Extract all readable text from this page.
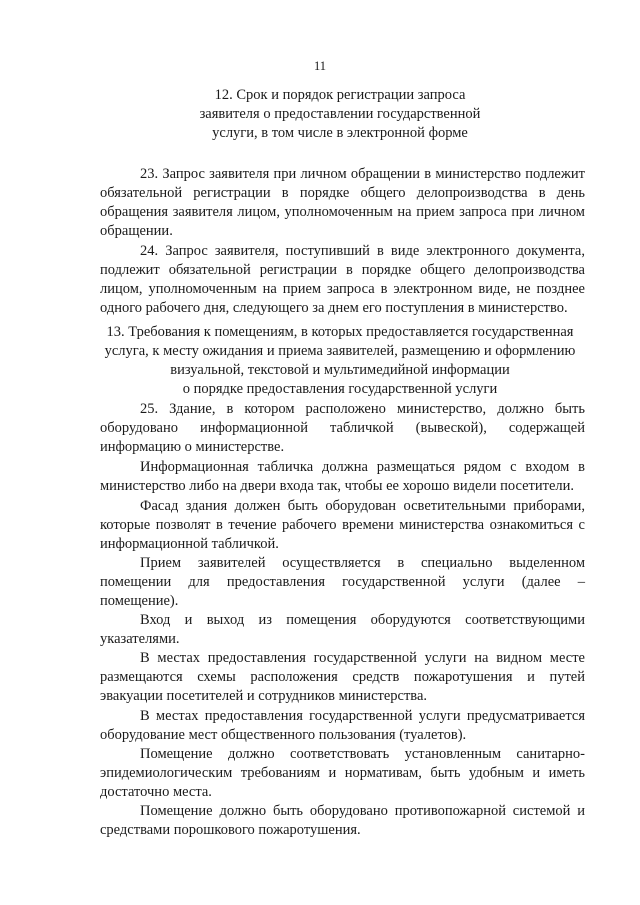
11
12. Срок и порядок регистрации запроса
заявителя о предоставлении государственной
услуги, в том числе в электронной форме

23. Запрос заявителя при личном обращении в министерство подлежит
обязательной регистрации в порядке общего делопроизводства в день
обращения заявителя лицом, уполномоченным на прием запроса при личном
обращении.

24. Запрос заявителя, поступивший в виде электронного документа,
подлежит обязательной регистрации в порядке общего делопроизводства
лицом, уполномоченным на прием запроса в электронном виде, не позднее
одного рабочего дня, следующего за днем его поступления в министерство.

13. Требования к помещениям, в которых предоставляется государственная
услуга, к месту ожидания и приема заявителей, размещению и оформлению
визуальной, текстовой и мультимедийной информации
о порядке предоставления государственной услуги

25. Здание, в котором расположено министерство, должно быть
оборудовано информационной табличкой (вывеской), содержащей
информацию о министерстве.

Информационная табличка должна размещаться рядом с входом в
министерство либо на двери входа так, чтобы ее хорошо видели посетители.

Фасад здания должен быть оборудован осветительными приборами,
которые позволят в течение рабочего времени министерства ознакомиться с
информационной табличкой.

Прием заявителей осуществляется в специально выделенном
помещении для предоставления государственной услуги (далее –
помещение).

Вход и выход из помещения оборудуются соответствующими
указателями.

В местах предоставления государственной услуги на видном месте
размещаются схемы расположения средств пожаротушения и путей
эвакуации посетителей и сотрудников министерства.

В местах предоставления государственной услуги предусматривается
оборудование мест общественного пользования (туалетов).

Помещение должно соответствовать установленным санитарно-
эпидемиологическим требованиям и нормативам, быть удобным и иметь
достаточно места.

Помещение должно быть оборудовано противопожарной системой и
средствами порошкового пожаротушения.
